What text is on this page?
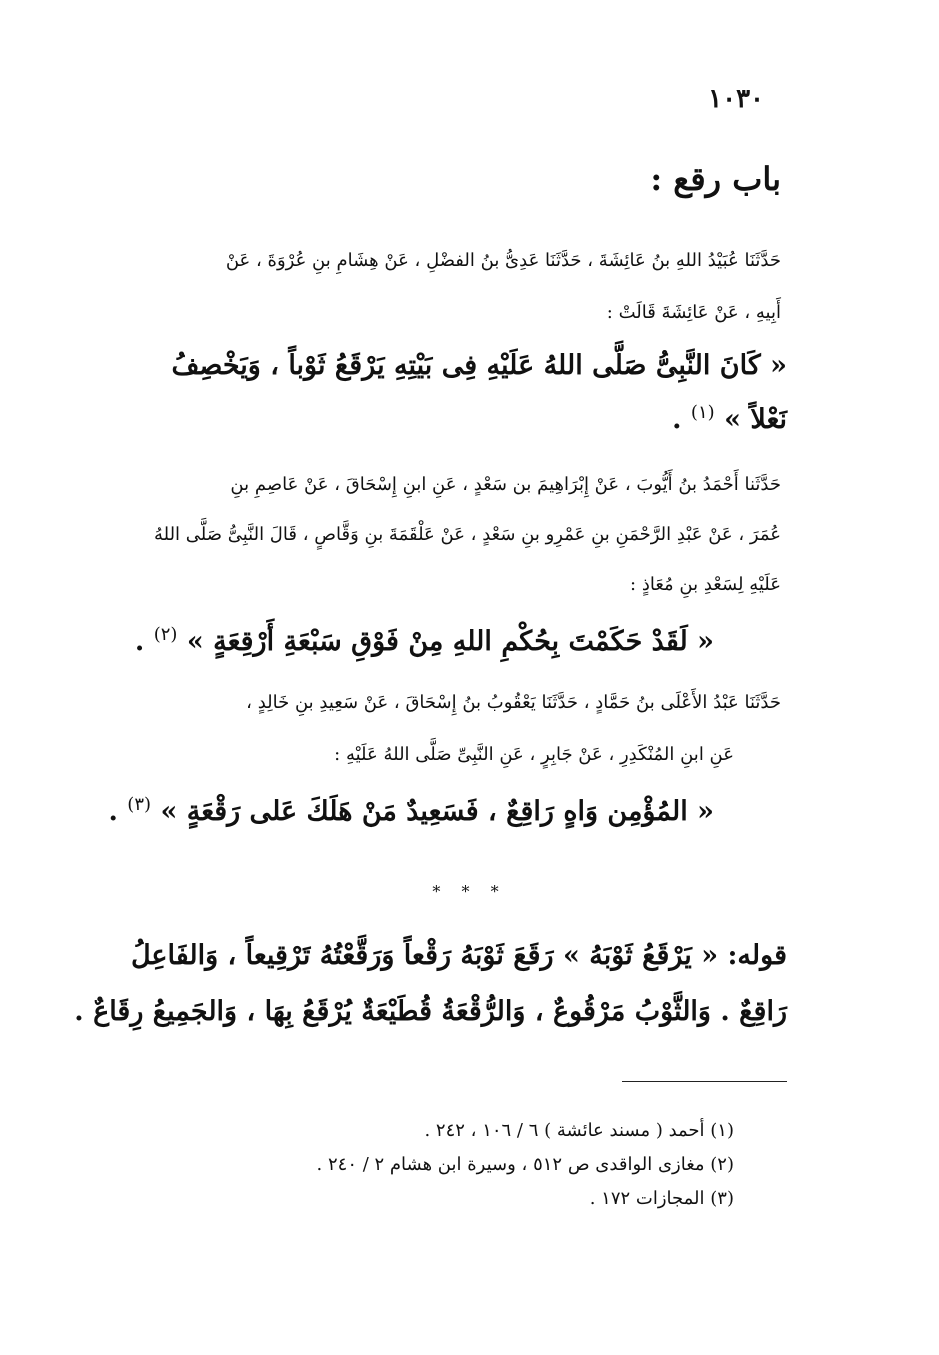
١٠٣٠
باب رقع :
حَدَّثَنَا عُبَيْدُ اللهِ بنُ عَائِشَةَ ، حَدَّثَنَا عَدِىُّ بنُ الفضْلِ ، عَنْ هِشَامِ بنِ عُرْوَةَ ، عَنْ
أَبِيهِ ، عَنْ عَائِشَةَ قَالَتْ :
« كَانَ النَّبِىُّ صَلَّى اللهُ عَلَيْهِ فِى بَيْتِهِ يَرْقَعُ ثَوْباً ، وَيَخْصِفُ
نَعْلاً » $^{(١)}$ .
حَدَّثَنا أَحْمَدُ بنُ أَيُّوبَ ، عَنْ إِبْرَاهِيمَ بن سَعْدٍ ، عَنِ ابنِ إِسْحَاقَ ، عَنْ عَاصِمِ بنِ
عُمَرَ ، عَنْ عَبْدِ الرَّحْمَنِ بنِ عَمْرِو بنِ سَعْدٍ ، عَنْ عَلْقَمَةَ بنِ وَقَّاصٍ ، قَالَ النَّبِىُّ صَلَّى اللهُ
عَلَيْهِ لِسَعْدِ بنِ مُعَاذٍ :
« لَقَدْ حَكَمْتَ بِحُكْمِ اللهِ مِنْ فَوْقِ سَبْعَةِ أَرْقِعَةٍ » $^{(٢)}$ .
حَدَّثَنَا عَبْدُ الأَعْلَى بنُ حَمَّادٍ ، حَدَّثَنَا يَعْقُوبُ بنُ إِسْحَاقَ ، عَنْ سَعِيدِ بنِ خَالِدٍ ،
عَنِ ابنِ المُنْكَدِرِ ، عَنْ جَابِرٍ ، عَنِ النَّبِىِّ صَلَّى اللهُ عَلَيْهِ :
« المُؤْمِن وَاهٍ رَاقِعٌ ، فَسَعِيدٌ مَنْ هَلَكَ عَلى رَقْعَةٍ » $^{(٣)}$ .
* * *
قوله: « يَرْقَعُ ثَوْبَهُ » رَقَعَ ثَوْبَهُ رَقْعاً وَرَقَّعْتُهُ تَرْقِيعاً ، وَالفَاعِلُ
رَاقِعٌ . وَالثَّوْبُ مَرْقُوعٌ ، وَالرُّقْعَةُ قُطَيْعَةٌ يُرْقَعُ بِهَا ، وَالجَمِيعُ رِقَاعٌ .
(١) أحمد ( مسند عائشة ) ٦ / ١٠٦ ، ٢٤٢ .
(٢) مغازى الواقدى ص ٥١٢ ، وسيرة ابن هشام ٢ / ٢٤٠ .
(٣) المجازات ١٧٢ .
